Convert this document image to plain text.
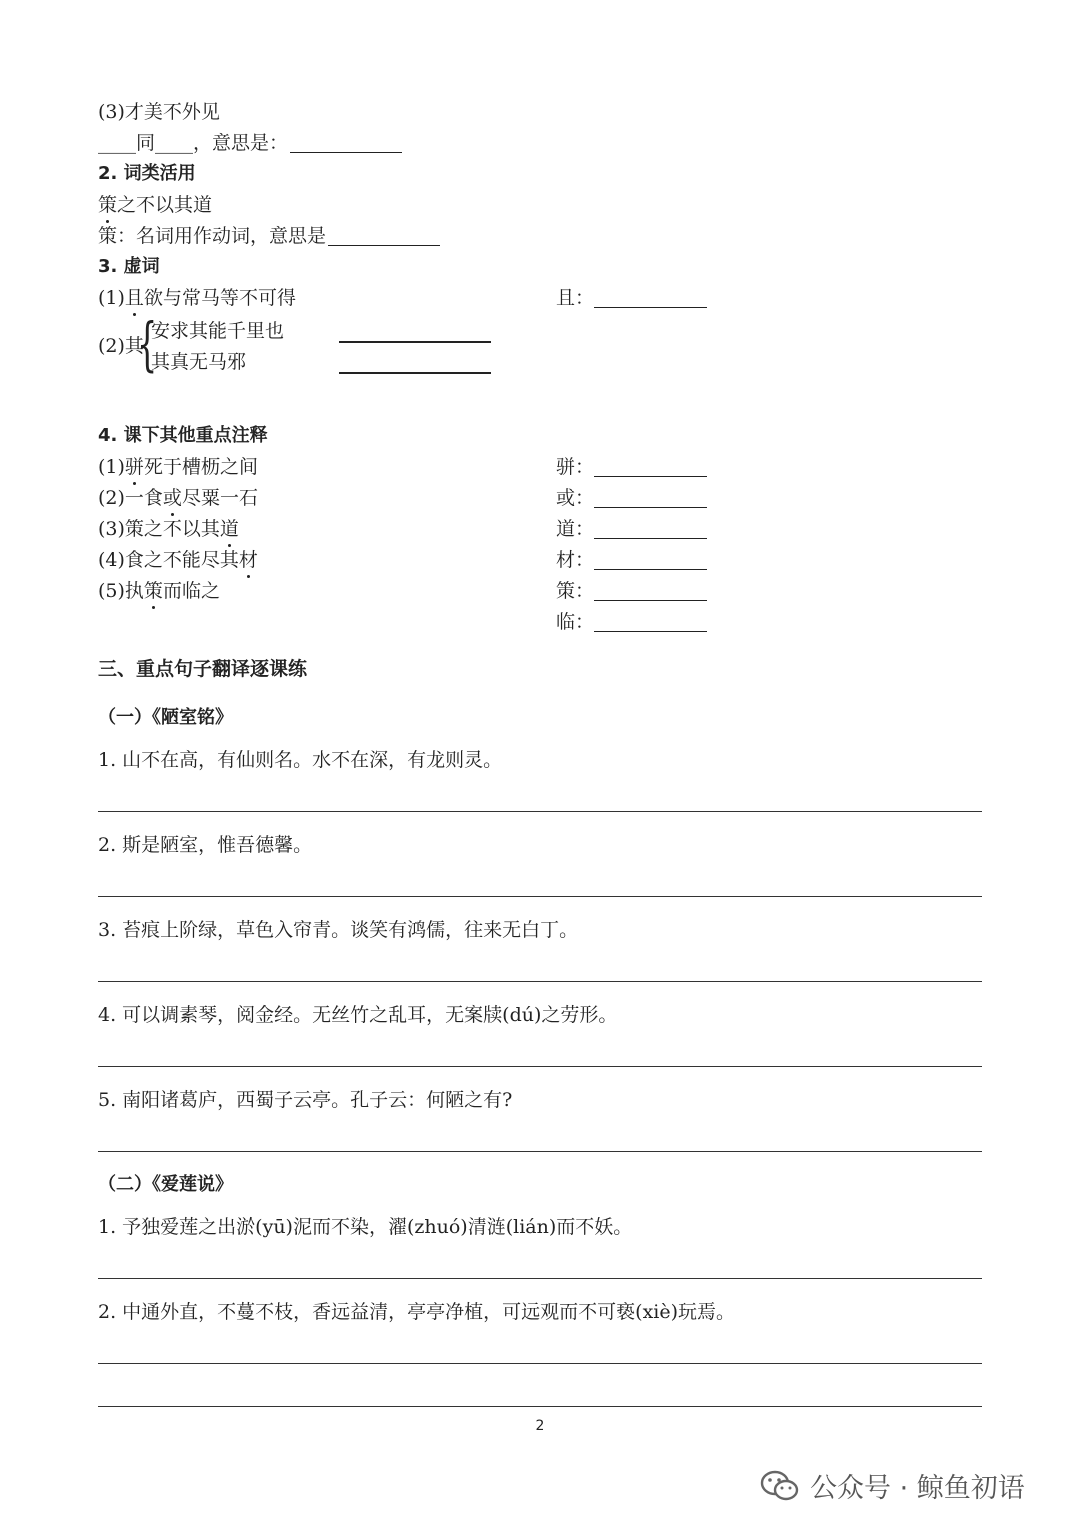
(3)才美不外见
____同____，意思是：
2. 词类活用
策之不以其道
策：名词用作动词，意思是
3. 虚词
(1)且欲与常马等不可得	且：
(2)其
{
安求其能千里也
其真无马邪
4. 课下其他重点注释
(1)骈死于槽枥之间	骈：
(2)一食或尽粟一石	或：
(3)策之不以其道	道：
(4)食之不能尽其材	材：
(5)执策而临之	策：
临：
三、重点句子翻译逐课练
（一）《陋室铭》
1. 山不在高，有仙则名。水不在深，有龙则灵。
2. 斯是陋室，惟吾德馨。
3. 苔痕上阶绿，草色入帘青。谈笑有鸿儒，往来无白丁。
4. 可以调素琴，阅金经。无丝竹之乱耳，无案牍(dú)之劳形。
5. 南阳诸葛庐，西蜀子云亭。孔子云：何陋之有?
（二）《爱莲说》
1. 予独爱莲之出淤(yū)泥而不染，濯(zhuó)清涟(lián)而不妖。
2. 中通外直，不蔓不枝，香远益清，亭亭净植，可远观而不可亵(xiè)玩焉。
2
公众号 · 鲸鱼初语
